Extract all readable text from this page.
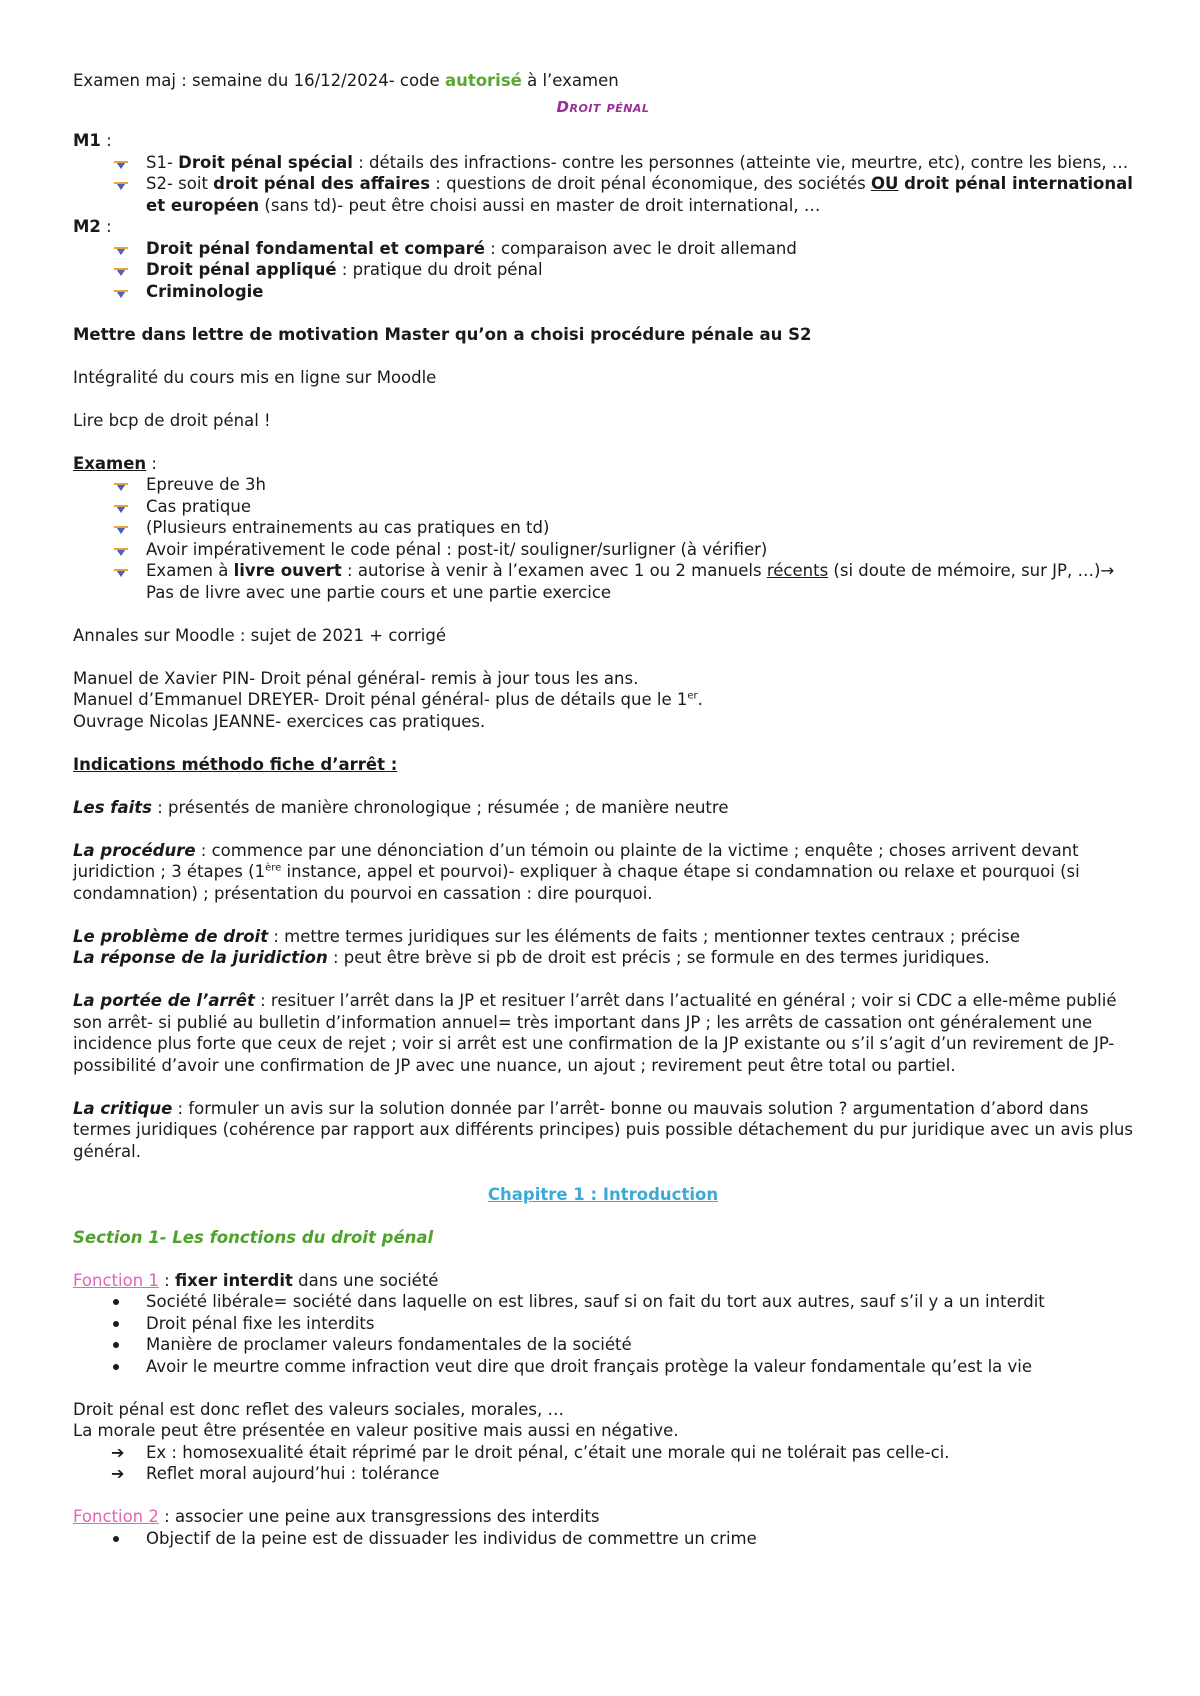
Examen maj : semaine du 16/12/2024- code autorisé à l’examen

Droit pénal

M1 :

S1- Droit pénal spécial : détails des infractions- contre les personnes (atteinte vie, meurtre, etc), contre les biens, …
S2- soit droit pénal des affaires : questions de droit pénal économique, des sociétés OU droit pénal international et européen (sans td)- peut être choisi aussi en master de droit international, …

M2 :

Droit pénal fondamental et comparé : comparaison avec le droit allemand
Droit pénal appliqué : pratique du droit pénal
Criminologie

Mettre dans lettre de motivation Master qu’on a choisi procédure pénale au S2

Intégralité du cours mis en ligne sur Moodle

Lire bcp de droit pénal !

Examen :

Epreuve de 3h
Cas pratique
(Plusieurs entrainements au cas pratiques en td)
Avoir impérativement le code pénal : post-it/ souligner/surligner (à vérifier)
Examen à livre ouvert : autorise à venir à l’examen avec 1 ou 2 manuels récents (si doute de mémoire, sur JP, …)→ Pas de livre avec une partie cours et une partie exercice

Annales sur Moodle : sujet de 2021 + corrigé

Manuel de Xavier PIN- Droit pénal général- remis à jour tous les ans.

Manuel d’Emmanuel DREYER- Droit pénal général- plus de détails que le 1er.

Ouvrage Nicolas JEANNE- exercices cas pratiques.

Indications méthodo fiche d’arrêt :

Les faits : présentés de manière chronologique ; résumée ; de manière neutre

La procédure : commence par une dénonciation d’un témoin ou plainte de la victime ; enquête ; choses arrivent devant juridiction ; 3 étapes (1ère instance, appel et pourvoi)- expliquer à chaque étape si condamnation ou relaxe et pourquoi (si condamnation) ; présentation du pourvoi en cassation : dire pourquoi.

Le problème de droit : mettre termes juridiques sur les éléments de faits ; mentionner textes centraux ; précise

La réponse de la juridiction : peut être brève si pb de droit est précis ; se formule en des termes juridiques.

La portée de l’arrêt : resituer l’arrêt dans la JP et resituer l’arrêt dans l’actualité en général ; voir si CDC a elle-même publié son arrêt- si publié au bulletin d’information annuel= très important dans JP ; les arrêts de cassation ont généralement une incidence plus forte que ceux de rejet ; voir si arrêt est une confirmation de la JP existante ou s’il s’agit d’un revirement de JP- possibilité d’avoir une confirmation de JP avec une nuance, un ajout ; revirement peut être total ou partiel.

La critique : formuler un avis sur la solution donnée par l’arrêt- bonne ou mauvais solution ? argumentation d’abord dans termes juridiques (cohérence par rapport aux différents principes) puis possible détachement du pur juridique avec un avis plus général.

Chapitre 1 : Introduction

Section 1- Les fonctions du droit pénal

Fonction 1 : fixer interdit dans une société

Société libérale= société dans laquelle on est libres, sauf si on fait du tort aux autres, sauf s’il y a un interdit
Droit pénal fixe les interdits
Manière de proclamer valeurs fondamentales de la société
Avoir le meurtre comme infraction veut dire que droit français protège la valeur fondamentale qu’est la vie

Droit pénal est donc reflet des valeurs sociales, morales, …

La morale peut être présentée en valeur positive mais aussi en négative.

➔ Ex : homosexualité était réprimé par le droit pénal, c’était une morale qui ne tolérait pas celle-ci.
➔ Reflet moral aujourd’hui : tolérance

Fonction 2 : associer une peine aux transgressions des interdits

Objectif de la peine est de dissuader les individus de commettre un crime
